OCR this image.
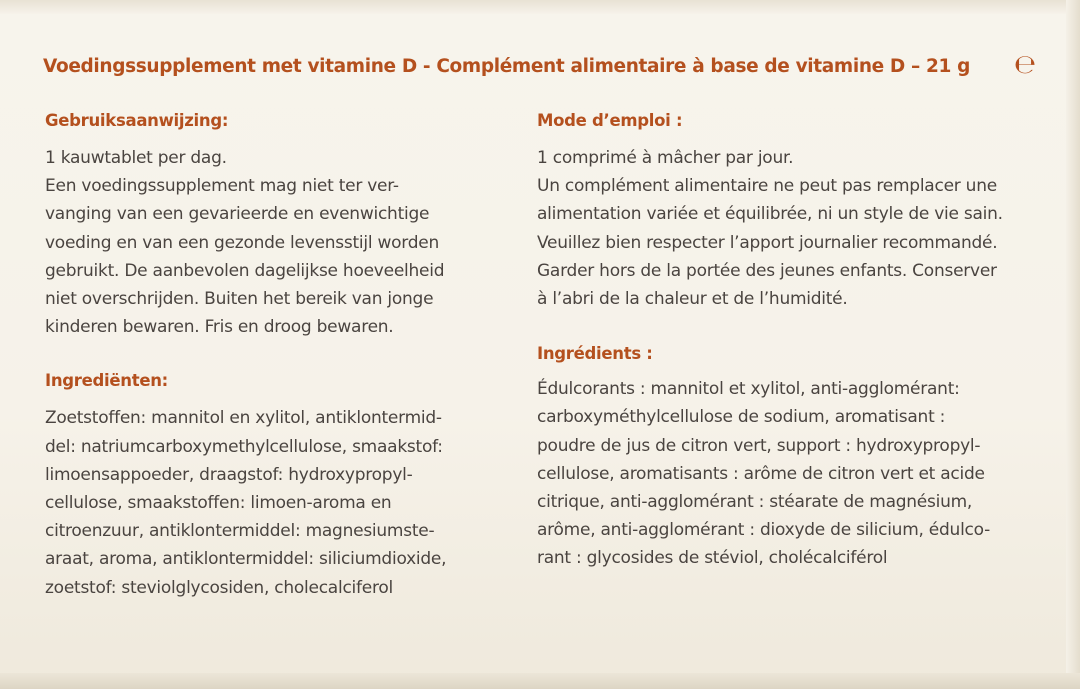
Voedingssupplement met vitamine D - Complément alimentaire à base de vitamine D – 21 g	℮

Gebruiksaanwijzing:

1 kauwtablet per dag.
Een voedingssupplement mag niet ter ver-
vanging van een gevarieerde en evenwichtige
voeding en van een gezonde levensstijl worden
gebruikt. De aanbevolen dagelijkse hoeveelheid
niet overschrijden. Buiten het bereik van jonge
kinderen bewaren. Fris en droog bewaren.

Ingrediënten:

Zoetstoffen: mannitol en xylitol, antiklontermid-
del: natriumcarboxymethylcellulose, smaakstof:
limoensappoeder, draagstof: hydroxypropyl-
cellulose, smaakstoffen: limoen-aroma en
citroenzuur, antiklontermiddel: magnesiumste-
araat, aroma, antiklontermiddel: siliciumdioxide,
zoetstof: steviolglycosiden, cholecalciferol

Mode d’emploi :

1 comprimé à mâcher par jour.
Un complément alimentaire ne peut pas remplacer une
alimentation variée et équilibrée, ni un style de vie sain.
Veuillez bien respecter l’apport journalier recommandé.
Garder hors de la portée des jeunes enfants. Conserver
à l’abri de la chaleur et de l’humidité.

Ingrédients :

Édulcorants : mannitol et xylitol, anti-agglomérant:
carboxyméthylcellulose de sodium, aromatisant :
poudre de jus de citron vert, support : hydroxypropyl-
cellulose, aromatisants : arôme de citron vert et acide
citrique, anti-agglomérant : stéarate de magnésium,
arôme, anti-agglomérant : dioxyde de silicium, édulco-
rant : glycosides de stéviol, cholécalciférol
